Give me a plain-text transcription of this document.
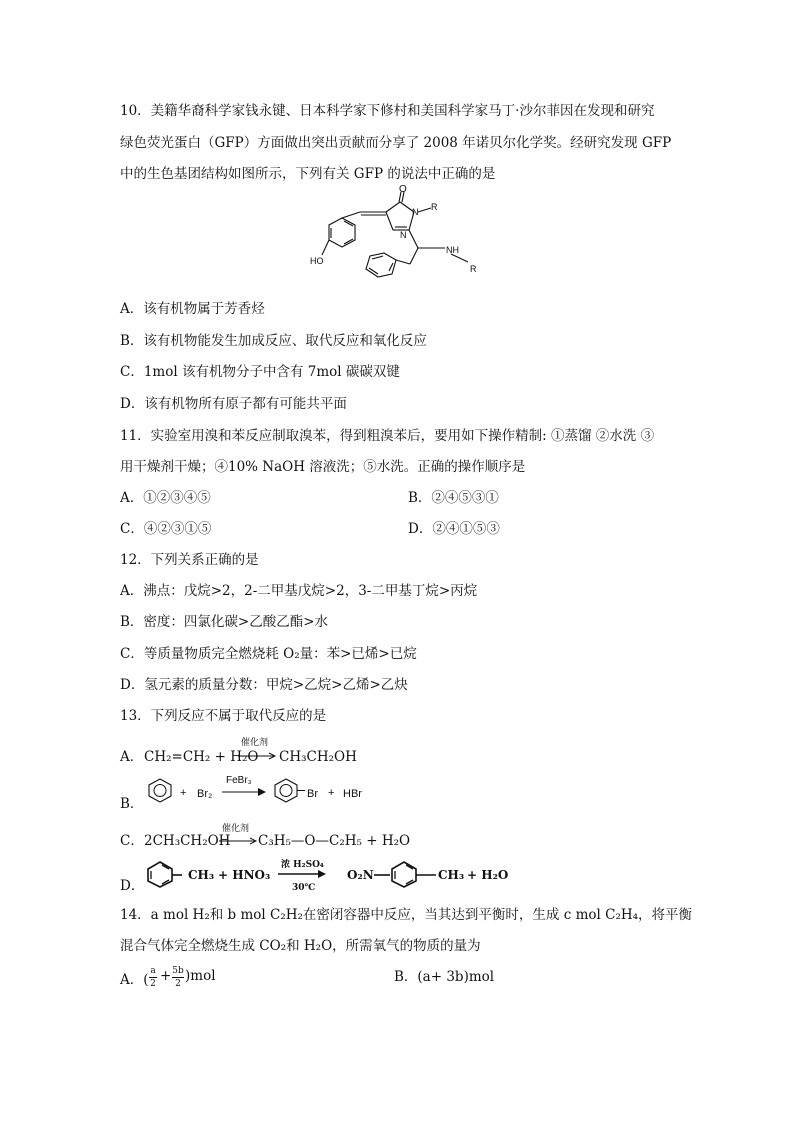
10．美籍华裔科学家钱永键、日本科学家下修村和美国科学家马丁·沙尔菲因在发现和研究
绿色荧光蛋白（GFP）方面做出突出贡献而分享了 2008 年诺贝尔化学奖。经研究发现 GFP
中的生色基团结构如图所示，下列有关 GFP 的说法中正确的是
O
N R
N
NH
R
HO
A．该有机物属于芳香烃
B．该有机物能发生加成反应、取代反应和氧化反应
C．1mol 该有机物分子中含有 7mol 碳碳双键
D．该有机物所有原子都有可能共平面
11．实验室用溴和苯反应制取溴苯，得到粗溴苯后，要用如下操作精制: ①蒸馏 ②水洗 ③
用干燥剂干燥；④10% NaOH 溶液洗；⑤水洗。正确的操作顺序是
A．①②③④⑤	B．②④⑤③①
C．④②③①⑤	D．②④①⑤③
12．下列关系正确的是
A．沸点：戊烷>2，2-二甲基戊烷>2，3-二甲基丁烷>丙烷
B．密度：四氯化碳>乙酸乙酯>水
C．等质量物质完全燃烧耗 O₂量：苯>已烯>已烷
D．氢元素的质量分数：甲烷>乙烷>乙烯>乙炔
13．下列反应不属于取代反应的是
A． CH₂=CH₂ + H₂O
催化剂
CH₃CH₂OH
B．
+ Br₂
FeBr₃
Br + HBr
C． 2CH₃CH₂OH
催化剂
C₃H₅—O—C₂H₅ + H₂O
D．
CH₃ + HNO₃
浓 H₂SO₄
30℃
O₂N	CH₃ + H₂O
14．a mol H₂和 b mol C₂H₂在密闭容器中反应，当其达到平衡时，生成 c mol C₂H₄，将平衡
混合气体完全燃烧生成 CO₂和 H₂O，所需氧气的物质的量为
A．(
a
2 + 5b
2 )mol	B．(a+ 3b)mol
